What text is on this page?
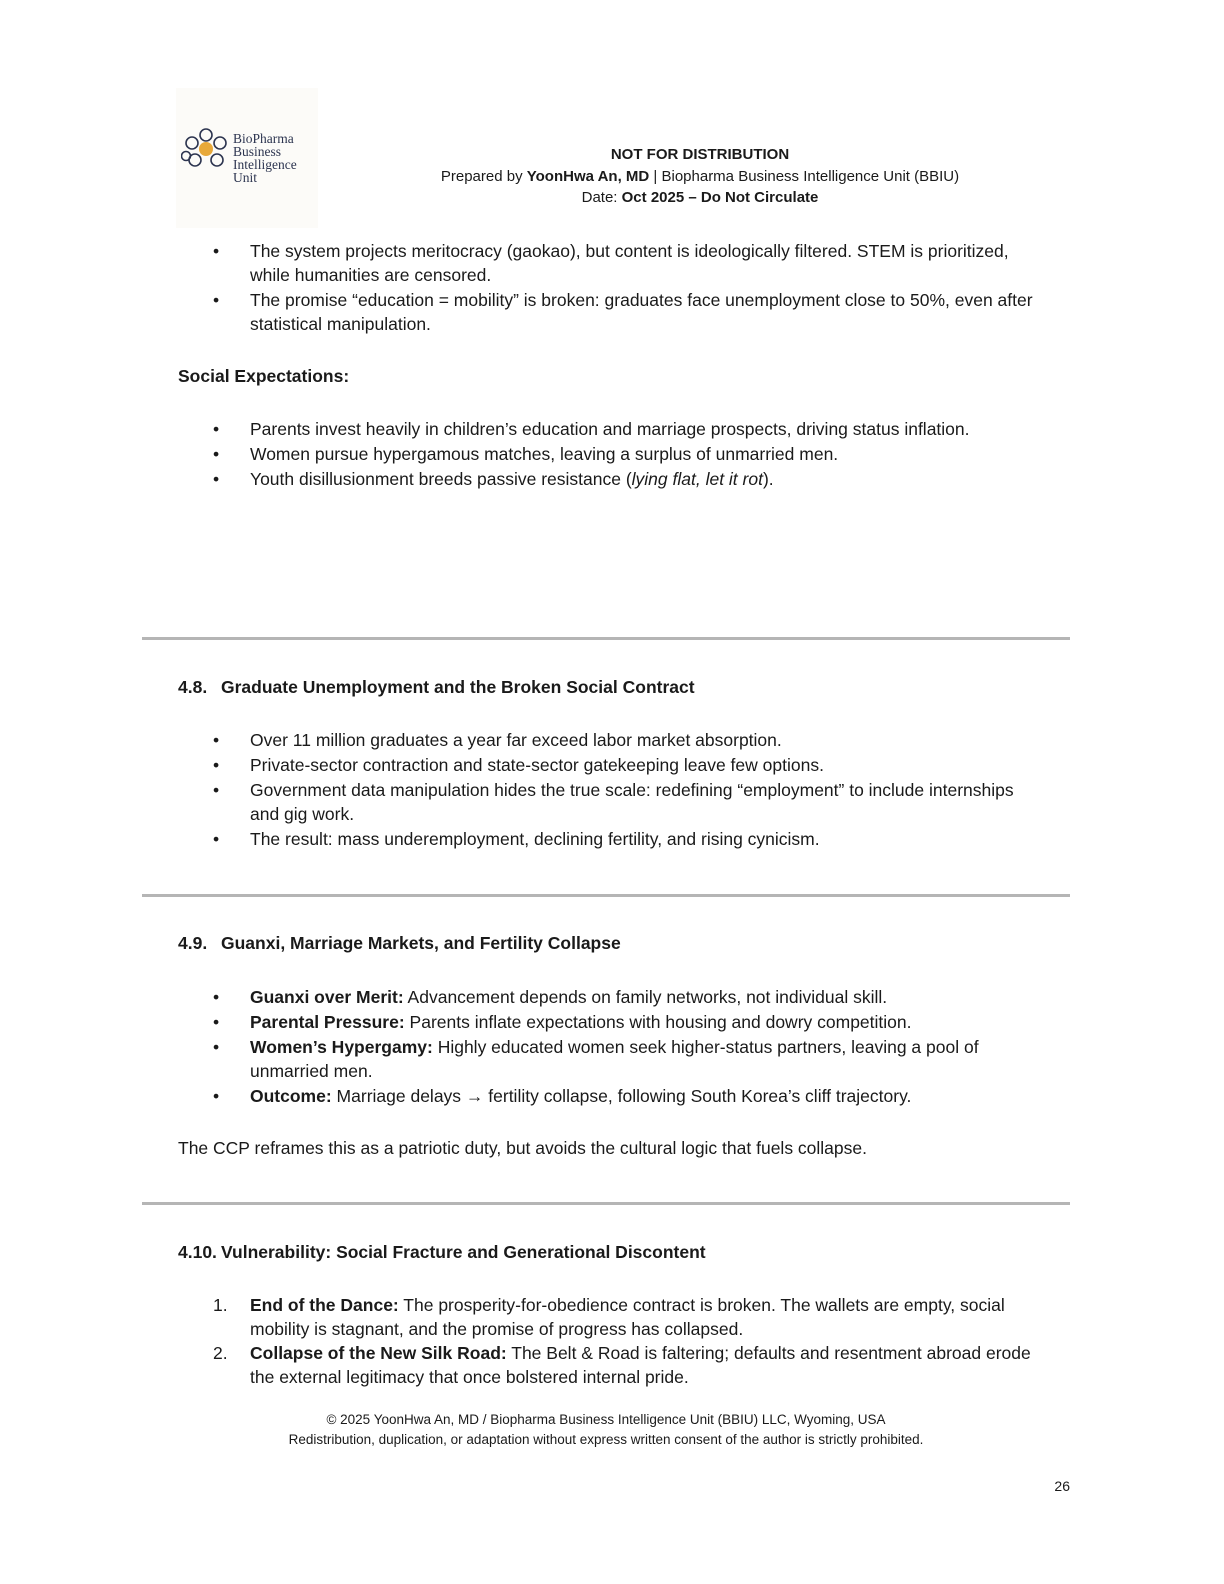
BioPharma
Business
Intelligence
Unit
NOT FOR DISTRIBUTION
Prepared by YoonHwa An, MD | Biopharma Business Intelligence Unit (BBIU)
Date: Oct 2025 – Do Not Circulate
• The system projects meritocracy (gaokao), but content is ideologically filtered. STEM is prioritized,
while humanities are censored.
• The promise “education = mobility” is broken: graduates face unemployment close to 50%, even after
statistical manipulation.
Social Expectations:
• Parents invest heavily in children’s education and marriage prospects, driving status inflation.
• Women pursue hypergamous matches, leaving a surplus of unmarried men.
• Youth disillusionment breeds passive resistance (lying flat, let it rot).
4.8. Graduate Unemployment and the Broken Social Contract
• Over 11 million graduates a year far exceed labor market absorption.
• Private-sector contraction and state-sector gatekeeping leave few options.
• Government data manipulation hides the true scale: redefining “employment” to include internships
and gig work.
• The result: mass underemployment, declining fertility, and rising cynicism.
4.9. Guanxi, Marriage Markets, and Fertility Collapse
• Guanxi over Merit: Advancement depends on family networks, not individual skill.
• Parental Pressure: Parents inflate expectations with housing and dowry competition.
• Women’s Hypergamy: Highly educated women seek higher-status partners, leaving a pool of
unmarried men.
• Outcome: Marriage delays → fertility collapse, following South Korea’s cliff trajectory.
The CCP reframes this as a patriotic duty, but avoids the cultural logic that fuels collapse.
4.10. Vulnerability: Social Fracture and Generational Discontent
1. End of the Dance: The prosperity-for-obedience contract is broken. The wallets are empty, social
mobility is stagnant, and the promise of progress has collapsed.
2. Collapse of the New Silk Road: The Belt & Road is faltering; defaults and resentment abroad erode
the external legitimacy that once bolstered internal pride.
© 2025 YoonHwa An, MD / Biopharma Business Intelligence Unit (BBIU) LLC, Wyoming, USA
Redistribution, duplication, or adaptation without express written consent of the author is strictly prohibited.
26
